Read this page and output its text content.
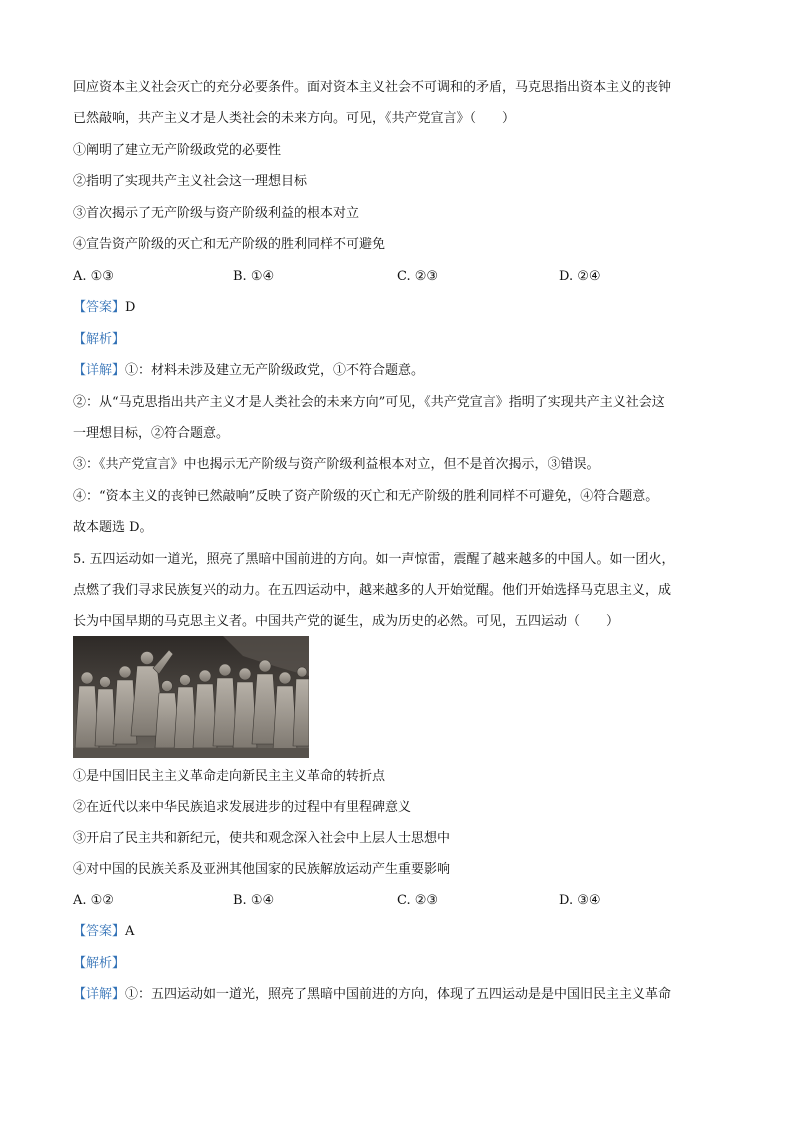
回应资本主义社会灭亡的充分必要条件。面对资本主义社会不可调和的矛盾，马克思指出资本主义的丧钟
已然敲响，共产主义才是人类社会的未来方向。可见，《共产党宣言》（　　）
①阐明了建立无产阶级政党的必要性
②指明了实现共产主义社会这一理想目标
③首次揭示了无产阶级与资产阶级利益的根本对立
④宣告资产阶级的灭亡和无产阶级的胜利同样不可避免
A. ①③	B. ①④	C. ②③	D. ②④
【答案】D
【解析】
【详解】①：材料未涉及建立无产阶级政党，①不符合题意。
②：从“马克思指出共产主义才是人类社会的未来方向”可见，《共产党宣言》指明了实现共产主义社会这
一理想目标，②符合题意。
③：《共产党宣言》中也揭示无产阶级与资产阶级利益根本对立，但不是首次揭示，③错误。
④：“资本主义的丧钟已然敲响”反映了资产阶级的灭亡和无产阶级的胜利同样不可避免，④符合题意。
故本题选 D。
5. 五四运动如一道光，照亮了黑暗中国前进的方向。如一声惊雷，震醒了越来越多的中国人。如一团火，
点燃了我们寻求民族复兴的动力。在五四运动中，越来越多的人开始觉醒。他们开始选择马克思主义，成
长为中国早期的马克思主义者。中国共产党的诞生，成为历史的必然。可见，五四运动（　　）
①是中国旧民主主义革命走向新民主主义革命的转折点
②在近代以来中华民族追求发展进步的过程中有里程碑意义
③开启了民主共和新纪元，使共和观念深入社会中上层人士思想中
④对中国的民族关系及亚洲其他国家的民族解放运动产生重要影响
A. ①②	B. ①④	C. ②③	D. ③④
【答案】A
【解析】
【详解】①：五四运动如一道光，照亮了黑暗中国前进的方向，体现了五四运动是是中国旧民主主义革命
